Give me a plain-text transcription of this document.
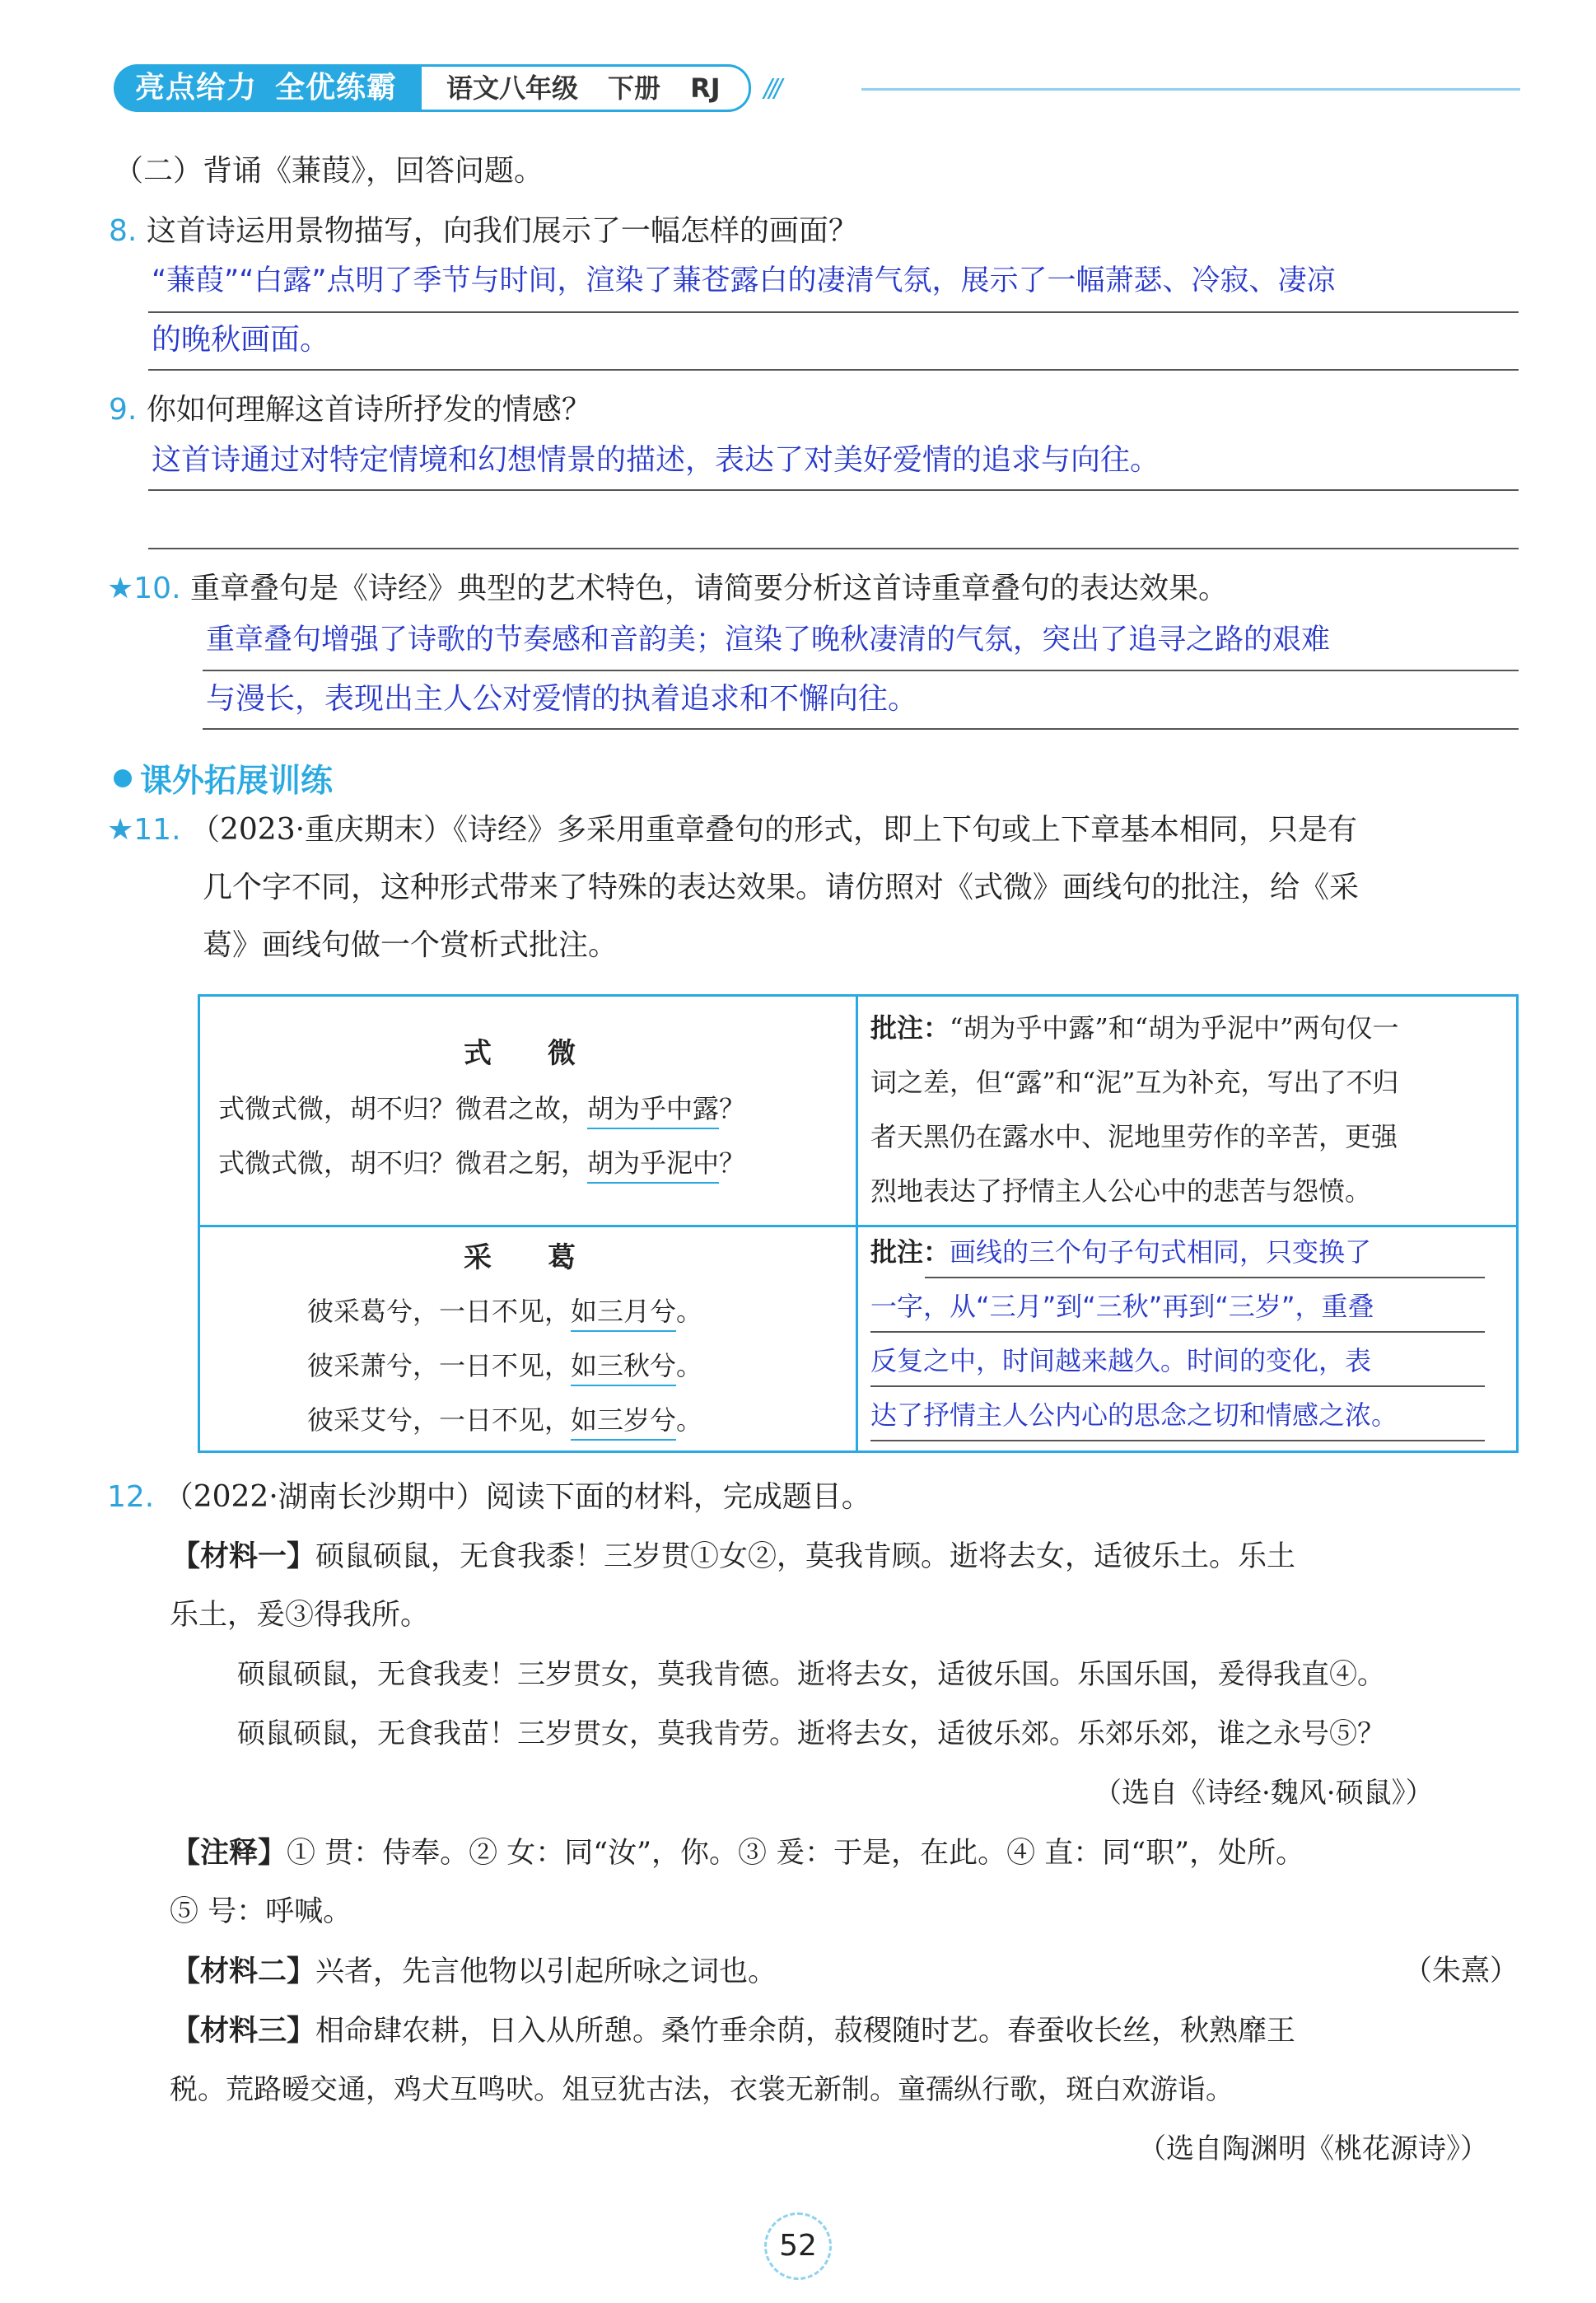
亮点给力 全优练霸	语文八年级 下册 RJ	///
（二）背诵《蒹葭》，回答问题。
8. 这首诗运用景物描写，向我们展示了一幅怎样的画面？
“蒹葭”“白露”点明了季节与时间，渲染了蒹苍露白的凄清气氛，展示了一幅萧瑟、冷寂、凄凉
的晚秋画面。
9. 你如何理解这首诗所抒发的情感？
这首诗通过对特定情境和幻想情景的描述，表达了对美好爱情的追求与向往。
★10. 重章叠句是《诗经》典型的艺术特色，请简要分析这首诗重章叠句的表达效果。
重章叠句增强了诗歌的节奏感和音韵美；渲染了晚秋凄清的气氛，突出了追寻之路的艰难
与漫长，表现出主人公对爱情的执着追求和不懈向往。
课外拓展训练
★11. （2023·重庆期末）《诗经》多采用重章叠句的形式，即上下句或上下章基本相同，只是有
几个字不同，这种形式带来了特殊的表达效果。请仿照对《式微》画线句的批注，给《采
葛》画线句做一个赏析式批注。
式　　微
式微式微，胡不归？微君之故，胡为乎中露？
式微式微，胡不归？微君之躬，胡为乎泥中？
批注：“胡为乎中露”和“胡为乎泥中”两句仅一
词之差，但“露”和“泥”互为补充，写出了不归
者天黑仍在露水中、泥地里劳作的辛苦，更强
烈地表达了抒情主人公心中的悲苦与怨愤。
采　　葛
彼采葛兮，一日不见，如三月兮。
彼采萧兮，一日不见，如三秋兮。
彼采艾兮，一日不见，如三岁兮。
批注：画线的三个句子句式相同，只变换了
一字，从“三月”到“三秋”再到“三岁”，重叠
反复之中，时间越来越久。时间的变化，表
达了抒情主人公内心的思念之切和情感之浓。
12. （2022·湖南长沙期中）阅读下面的材料，完成题目。
【材料一】硕鼠硕鼠，无食我黍！三岁贯①女②，莫我肯顾。逝将去女，适彼乐土。乐土
乐土，爰③得我所。
硕鼠硕鼠，无食我麦！三岁贯女，莫我肯德。逝将去女，适彼乐国。乐国乐国，爰得我直④。
硕鼠硕鼠，无食我苗！三岁贯女，莫我肯劳。逝将去女，适彼乐郊。乐郊乐郊，谁之永号⑤？
（选自《诗经·魏风·硕鼠》）
【注释】① 贯：侍奉。② 女：同“汝”，你。③ 爰：于是，在此。④ 直：同“职”，处所。
⑤ 号：呼喊。
【材料二】兴者，先言他物以引起所咏之词也。	（朱熹）
【材料三】相命肆农耕，日入从所憩。桑竹垂余荫，菽稷随时艺。春蚕收长丝，秋熟靡王
税。荒路暧交通，鸡犬互鸣吠。俎豆犹古法，衣裳无新制。童孺纵行歌，斑白欢游诣。
（选自陶渊明《桃花源诗》）
52
